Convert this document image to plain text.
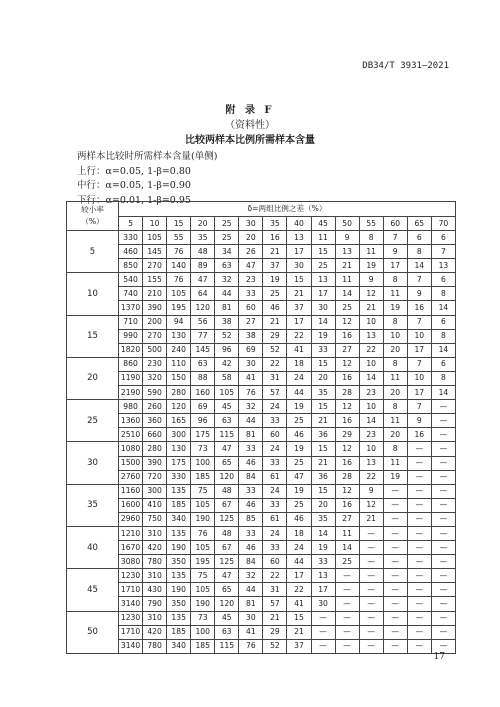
DB34/T 3931—2021
附 录 F
（资料性）
比较两样本比例所需样本含量
两样本比较时所需样本含量(单侧)
上行：α=0.05, 1-β=0.80
中行：α=0.05, 1-β=0.90
下行：α=0.01, 1-β=0.95
较小率
（%）	δ=两组比例之差（%）													
	5	10	15	20	25	30	35	40	45	50	55	60	65	70
5	330	105	55	35	25	20	16	13	11	9	8	7	6	6
	460	145	76	48	34	26	21	17	15	13	11	9	8	7
	850	270	140	89	63	47	37	30	25	21	19	17	14	13
10	540	155	76	47	32	23	19	15	13	11	9	8	7	6
	740	210	105	64	44	33	25	21	17	14	12	11	9	8
	1370	390	195	120	81	60	46	37	30	25	21	19	16	14
15	710	200	94	56	38	27	21	17	14	12	10	8	7	6
	990	270	130	77	52	38	29	22	19	16	13	10	10	8
	1820	500	240	145	96	69	52	41	33	27	22	20	17	14
20	860	230	110	63	42	30	22	18	15	12	10	8	7	6
	1190	320	150	88	58	41	31	24	20	16	14	11	10	8
	2190	590	280	160	105	76	57	44	35	28	23	20	17	14
25	980	260	120	69	45	32	24	19	15	12	10	8	7	—
	1360	360	165	96	63	44	33	25	21	16	14	11	9	—
	2510	660	300	175	115	81	60	46	36	29	23	20	16	—
30	1080	280	130	73	47	33	24	19	15	12	10	8	—	—
	1500	390	175	100	65	46	33	25	21	16	13	11	—	—
	2760	720	330	185	120	84	61	47	36	28	22	19	—	—
35	1160	300	135	75	48	33	24	19	15	12	9	—	—	—
	1600	410	185	105	67	46	33	25	20	16	12	—	—	—
	2960	750	340	190	125	85	61	46	35	27	21	—	—	—
40	1210	310	135	76	48	33	24	18	14	11	—	—	—	—
	1670	420	190	105	67	46	33	24	19	14	—	—	—	—
	3080	780	350	195	125	84	60	44	33	25	—	—	—	—
45	1230	310	135	75	47	32	22	17	13	—	—	—	—	—
	1710	430	190	105	65	44	31	22	17	—	—	—	—	—
	3140	790	350	190	120	81	57	41	30	—	—	—	—	—
50	1230	310	135	73	45	30	21	15	—	—	—	—	—	—
	1710	420	185	100	63	41	29	21	—	—	—	—	—	—
	3140	780	340	185	115	76	52	37	—	—	—	—	—	—
17
